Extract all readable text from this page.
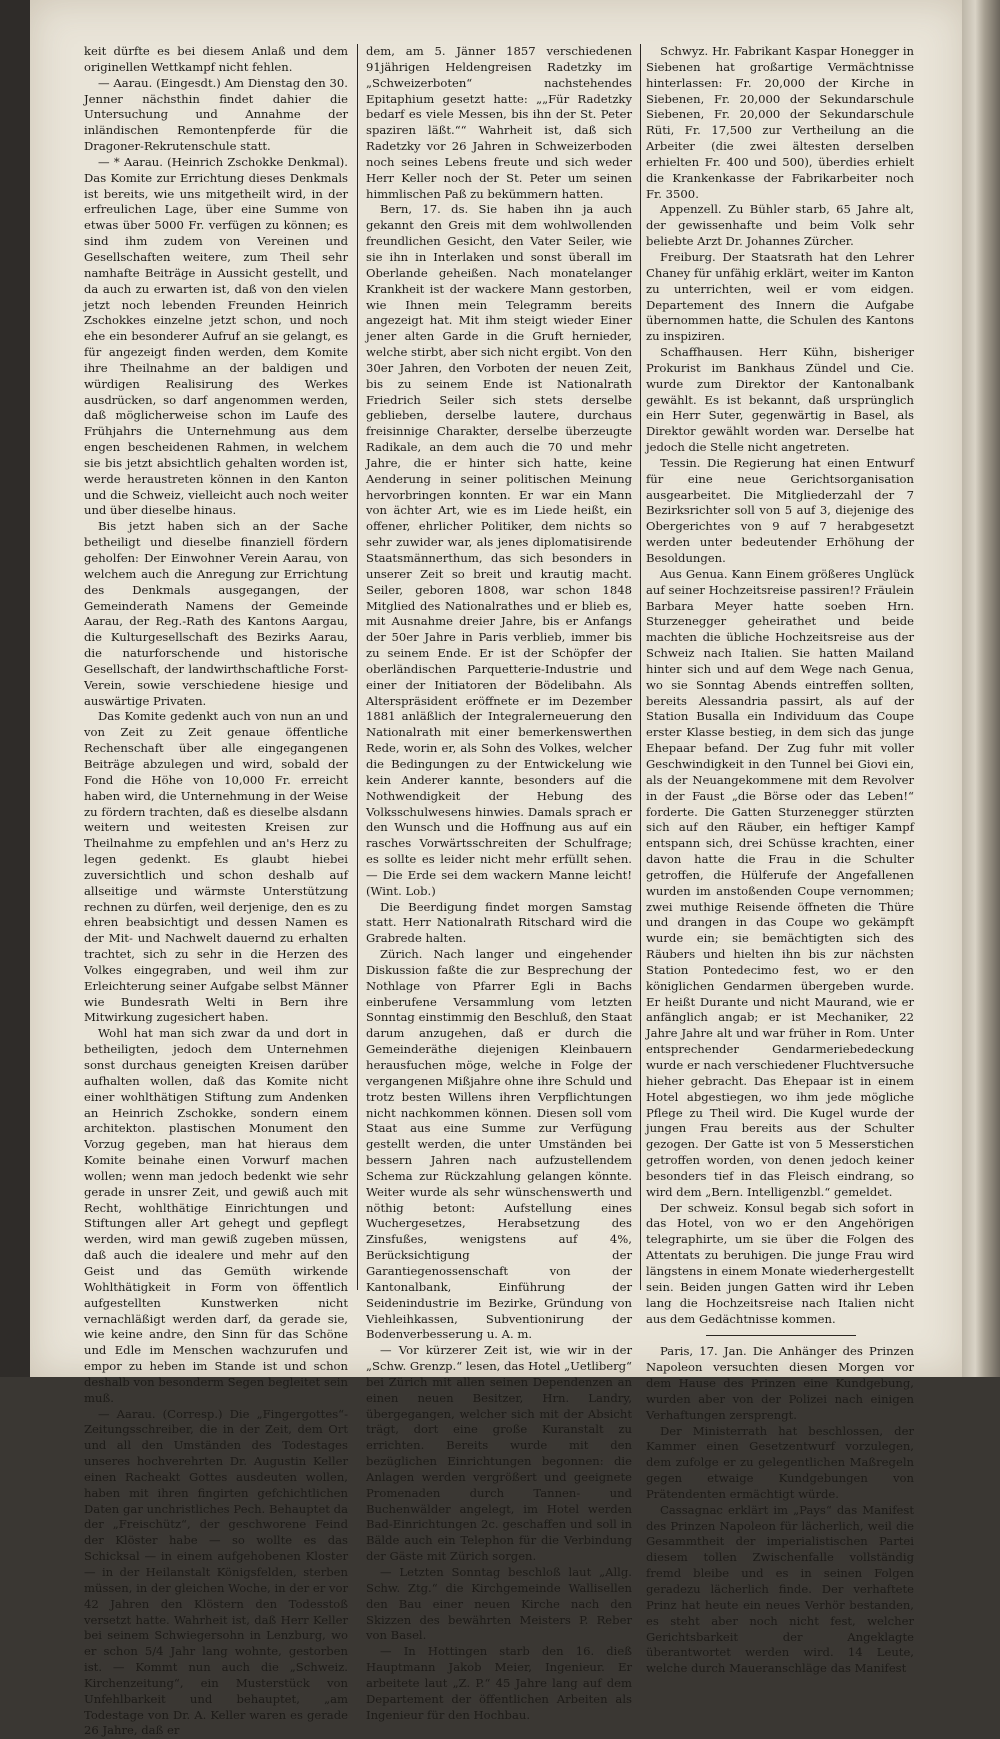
keit dürfte es bei diesem Anlaß und dem originellen Wettkampf nicht fehlen.

— Aarau. (Eingesdt.) Am Dienstag den 30. Jenner nächsthin findet dahier die Untersuchung und Annahme der inländischen Remontenpferde für die Dragoner-Rekrutenschule statt.

— * Aarau. (Heinrich Zschokke Denkmal). Das Komite zur Errichtung dieses Denkmals ist bereits, wie uns mitgetheilt wird, in der erfreulichen Lage, über eine Summe von etwas über 5000 Fr. verfügen zu können; es sind ihm zudem von Vereinen und Gesellschaften weitere, zum Theil sehr namhafte Beiträge in Aussicht gestellt, und da auch zu erwarten ist, daß von den vielen jetzt noch lebenden Freunden Heinrich Zschokkes einzelne jetzt schon, und noch ehe ein besonderer Aufruf an sie gelangt, es für angezeigt finden werden, dem Komite ihre Theilnahme an der baldigen und würdigen Realisirung des Werkes ausdrücken, so darf angenommen werden, daß möglicherweise schon im Laufe des Frühjahrs die Unternehmung aus dem engen bescheidenen Rahmen, in welchem sie bis jetzt absichtlich gehalten worden ist, werde heraustreten können in den Kanton und die Schweiz, vielleicht auch noch weiter und über dieselbe hinaus.

Bis jetzt haben sich an der Sache betheiligt und dieselbe finanziell fördern geholfen: Der Einwohner Verein Aarau, von welchem auch die Anregung zur Errichtung des Denkmals ausgegangen, der Gemeinderath Namens der Gemeinde Aarau, der Reg.-Rath des Kantons Aargau, die Kulturgesellschaft des Bezirks Aarau, die naturforschende und historische Gesellschaft, der landwirthschaftliche Forst-Verein, sowie verschiedene hiesige und auswärtige Privaten.

Das Komite gedenkt auch von nun an und von Zeit zu Zeit genaue öffentliche Rechenschaft über alle eingegangenen Beiträge abzulegen und wird, sobald der Fond die Höhe von 10,000 Fr. erreicht haben wird, die Unternehmung in der Weise zu fördern trachten, daß es dieselbe alsdann weitern und weitesten Kreisen zur Theilnahme zu empfehlen und an's Herz zu legen gedenkt. Es glaubt hiebei zuversichtlich und schon deshalb auf allseitige und wärmste Unterstützung rechnen zu dürfen, weil derjenige, den es zu ehren beabsichtigt und dessen Namen es der Mit- und Nachwelt dauernd zu erhalten trachtet, sich zu sehr in die Herzen des Volkes eingegraben, und weil ihm zur Erleichterung seiner Aufgabe selbst Männer wie Bundesrath Welti in Bern ihre Mitwirkung zugesichert haben.

Wohl hat man sich zwar da und dort in betheiligten, jedoch dem Unternehmen sonst durchaus geneigten Kreisen darüber aufhalten wollen, daß das Komite nicht einer wohlthätigen Stiftung zum Andenken an Heinrich Zschokke, sondern einem architekton. plastischen Monument den Vorzug gegeben, man hat hieraus dem Komite beinahe einen Vorwurf machen wollen; wenn man jedoch bedenkt wie sehr gerade in unsrer Zeit, und gewiß auch mit Recht, wohlthätige Einrichtungen und Stiftungen aller Art gehegt und gepflegt werden, wird man gewiß zugeben müssen, daß auch die idealere und mehr auf den Geist und das Gemüth wirkende Wohlthätigkeit in Form von öffentlich aufgestellten Kunstwerken nicht vernachläßigt werden darf, da gerade sie, wie keine andre, den Sinn für das Schöne und Edle im Menschen wachzurufen und empor zu heben im Stande ist und schon deshalb von besonderm Segen begleitet sein muß.

— Aarau. (Corresp.) Die „Fingergottes“-Zeitungsschreiber, die in der Zeit, dem Ort und all den Umständen des Todestages unseres hochverehrten Dr. Augustin Keller einen Racheakt Gottes ausdeuten wollen, haben mit ihren fingirten gefchichtlichen Daten gar unchristliches Pech. Behauptet da der „Freischütz“, der geschworene Feind der Klöster habe — so wollte es das Schicksal — in einem aufgehobenen Kloster — in der Heilanstalt Königsfelden, sterben müssen, in der gleichen Woche, in der er vor 42 Jahren den Klöstern den Todesstoß versetzt hatte. Wahrheit ist, daß Herr Keller bei seinem Schwiegersohn in Lenzburg, wo er schon 5/4 Jahr lang wohnte, gestorben ist. — Kommt nun auch die „Schweiz. Kirchenzeitung“, ein Musterstück von Unfehlbarkeit und behauptet, „am Todestage von Dr. A. Keller waren es gerade 26 Jahre, daß er

dem, am 5. Jänner 1857 verschiedenen 91jährigen Heldengreisen Radetzky im „Schweizerboten“ nachstehendes Epitaphium gesetzt hatte: „„Für Radetzky bedarf es viele Messen, bis ihn der St. Peter spaziren läßt.““ Wahrheit ist, daß sich Radetzky vor 26 Jahren in Schweizerboden noch seines Lebens freute und sich weder Herr Keller noch der St. Peter um seinen himmlischen Paß zu bekümmern hatten.

Bern, 17. ds. Sie haben ihn ja auch gekannt den Greis mit dem wohlwollenden freundlichen Gesicht, den Vater Seiler, wie sie ihn in Interlaken und sonst überall im Oberlande geheißen. Nach monatelanger Krankheit ist der wackere Mann gestorben, wie Ihnen mein Telegramm bereits angezeigt hat. Mit ihm steigt wieder Einer jener alten Garde in die Gruft hernieder, welche stirbt, aber sich nicht ergibt. Von den 30er Jahren, den Vorboten der neuen Zeit, bis zu seinem Ende ist Nationalrath Friedrich Seiler sich stets derselbe geblieben, derselbe lautere, durchaus freisinnige Charakter, derselbe überzeugte Radikale, an dem auch die 70 und mehr Jahre, die er hinter sich hatte, keine Aenderung in seiner politischen Meinung hervorbringen konnten. Er war ein Mann von ächter Art, wie es im Liede heißt, ein offener, ehrlicher Politiker, dem nichts so sehr zuwider war, als jenes diplomatisirende Staatsmännerthum, das sich besonders in unserer Zeit so breit und krautig macht. Seiler, geboren 1808, war schon 1848 Mitglied des Nationalrathes und er blieb es, mit Ausnahme dreier Jahre, bis er Anfangs der 50er Jahre in Paris verblieb, immer bis zu seinem Ende. Er ist der Schöpfer der oberländischen Parquetterie-Industrie und einer der Initiatoren der Bödelibahn. Als Alterspräsident eröffnete er im Dezember 1881 anläßlich der Integralerneuerung den Nationalrath mit einer bemerkenswerthen Rede, worin er, als Sohn des Volkes, welcher die Bedingungen zu der Entwickelung wie kein Anderer kannte, besonders auf die Nothwendigkeit der Hebung des Volksschulwesens hinwies. Damals sprach er den Wunsch und die Hoffnung aus auf ein rasches Vorwärtsschreiten der Schulfrage; es sollte es leider nicht mehr erfüllt sehen. — Die Erde sei dem wackern Manne leicht! (Wint. Lob.)

Die Beerdigung findet morgen Samstag statt. Herr Nationalrath Ritschard wird die Grabrede halten.

Zürich. Nach langer und eingehender Diskussion faßte die zur Besprechung der Nothlage von Pfarrer Egli in Bachs einberufene Versammlung vom letzten Sonntag einstimmig den Beschluß, den Staat darum anzugehen, daß er durch die Gemeinderäthe diejenigen Kleinbauern herausfuchen möge, welche in Folge der vergangenen Mißjahre ohne ihre Schuld und trotz besten Willens ihren Verpflichtungen nicht nachkommen können. Diesen soll vom Staat aus eine Summe zur Verfügung gestellt werden, die unter Umständen bei bessern Jahren nach aufzustellendem Schema zur Rückzahlung gelangen könnte. Weiter wurde als sehr wünschenswerth und nöthig betont: Aufstellung eines Wuchergesetzes, Herabsetzung des Zinsfußes, wenigstens auf 4%, Berücksichtigung der Garantiegenossenschaft von der Kantonalbank, Einführung der Seidenindustrie im Bezirke, Gründung von Viehleihkassen, Subventionirung der Bodenverbesserung u. A. m.

— Vor kürzerer Zeit ist, wie wir in der „Schw. Grenzp.“ lesen, das Hotel „Uetliberg“ bei Zürich mit allen seinen Dependenzen an einen neuen Besitzer, Hrn. Landry, übergegangen, welcher sich mit der Absicht trägt, dort eine große Kuranstalt zu errichten. Bereits wurde mit den bezüglichen Einrichtungen begonnen: die Anlagen werden vergrößert und geeignete Promenaden durch Tannen- und Buchenwälder angelegt, im Hotel werden Bad-Einrichtungen 2c. geschaffen und soll in Bälde auch ein Telephon für die Verbindung der Gäste mit Zürich sorgen.

— Letzten Sonntag beschloß laut „Allg. Schw. Ztg.“ die Kirchgemeinde Wallisellen den Bau einer neuen Kirche nach den Skizzen des bewährten Meisters P. Reber von Basel.

— In Hottingen starb den 16. dieß Hauptmann Jakob Meier, Ingenieur. Er arbeitete laut „Z. P.“ 45 Jahre lang auf dem Departement der öffentlichen Arbeiten als Ingenieur für den Hochbau.

Schwyz. Hr. Fabrikant Kaspar Honegger in Siebenen hat großartige Vermächtnisse hinterlassen: Fr. 20,000 der Kirche in Siebenen, Fr. 20,000 der Sekundarschule Siebenen, Fr. 20,000 der Sekundarschule Rüti, Fr. 17,500 zur Vertheilung an die Arbeiter (die zwei ältesten derselben erhielten Fr. 400 und 500), überdies erhielt die Krankenkasse der Fabrikarbeiter noch Fr. 3500.

Appenzell. Zu Bühler starb, 65 Jahre alt, der gewissenhafte und beim Volk sehr beliebte Arzt Dr. Johannes Zürcher.

Freiburg. Der Staatsrath hat den Lehrer Chaney für unfähig erklärt, weiter im Kanton zu unterrichten, weil er vom eidgen. Departement des Innern die Aufgabe übernommen hatte, die Schulen des Kantons zu inspiziren.

Schaffhausen. Herr Kühn, bisheriger Prokurist im Bankhaus Zündel und Cie. wurde zum Direktor der Kantonalbank gewählt. Es ist bekannt, daß ursprünglich ein Herr Suter, gegenwärtig in Basel, als Direktor gewählt worden war. Derselbe hat jedoch die Stelle nicht angetreten.

Tessin. Die Regierung hat einen Entwurf für eine neue Gerichtsorganisation ausgearbeitet. Die Mitgliederzahl der 7 Bezirksrichter soll von 5 auf 3, diejenige des Obergerichtes von 9 auf 7 herabgesetzt werden unter bedeutender Erhöhung der Besoldungen.

Aus Genua. Kann Einem größeres Unglück auf seiner Hochzeitsreise passiren!? Fräulein Barbara Meyer hatte soeben Hrn. Sturzenegger geheirathet und beide machten die übliche Hochzeitsreise aus der Schweiz nach Italien. Sie hatten Mailand hinter sich und auf dem Wege nach Genua, wo sie Sonntag Abends eintreffen sollten, bereits Alessandria passirt, als auf der Station Busalla ein Individuum das Coupe erster Klasse bestieg, in dem sich das junge Ehepaar befand. Der Zug fuhr mit voller Geschwindigkeit in den Tunnel bei Giovi ein, als der Neuangekommene mit dem Revolver in der Faust „die Börse oder das Leben!“ forderte. Die Gatten Sturzenegger stürzten sich auf den Räuber, ein heftiger Kampf entspann sich, drei Schüsse krachten, einer davon hatte die Frau in die Schulter getroffen, die Hülferufe der Angefallenen wurden im anstoßenden Coupe vernommen; zwei muthige Reisende öffneten die Thüre und drangen in das Coupe wo gekämpft wurde ein; sie bemächtigten sich des Räubers und hielten ihn bis zur nächsten Station Pontedecimo fest, wo er den königlichen Gendarmen übergeben wurde. Er heißt Durante und nicht Maurand, wie er anfänglich angab; er ist Mechaniker, 22 Jahre Jahre alt und war früher in Rom. Unter entsprechender Gendarmeriebedeckung wurde er nach verschiedener Fluchtversuche hieher gebracht. Das Ehepaar ist in einem Hotel abgestiegen, wo ihm jede mögliche Pflege zu Theil wird. Die Kugel wurde der jungen Frau bereits aus der Schulter gezogen. Der Gatte ist von 5 Messerstichen getroffen worden, von denen jedoch keiner besonders tief in das Fleisch eindrang, so wird dem „Bern. Intelligenzbl.“ gemeldet.

Der schweiz. Konsul begab sich sofort in das Hotel, von wo er den Angehörigen telegraphirte, um sie über die Folgen des Attentats zu beruhigen. Die junge Frau wird längstens in einem Monate wiederhergestellt sein. Beiden jungen Gatten wird ihr Leben lang die Hochzeitsreise nach Italien nicht aus dem Gedächtnisse kommen.

Paris, 17. Jan. Die Anhänger des Prinzen Napoleon versuchten diesen Morgen vor dem Hause des Prinzen eine Kundgebung, wurden aber von der Polizei nach einigen Verhaftungen zersprengt.

Der Ministerrath hat beschlossen, der Kammer einen Gesetzentwurf vorzulegen, dem zufolge er zu gelegentlichen Maßregeln gegen etwaige Kundgebungen von Prätendenten ermächtigt würde.

Cassagnac erklärt im „Pays“ das Manifest des Prinzen Napoleon für lächerlich, weil die Gesammtheit der imperialistischen Partei diesem tollen Zwischenfalle vollständig fremd bleibe und es in seinen Folgen geradezu lächerlich finde. Der verhaftete Prinz hat heute ein neues Verhör bestanden, es steht aber noch nicht fest, welcher Gerichtsbarkeit der Angeklagte überantwortet werden wird. 14 Leute, welche durch Maueranschläge das Manifest
